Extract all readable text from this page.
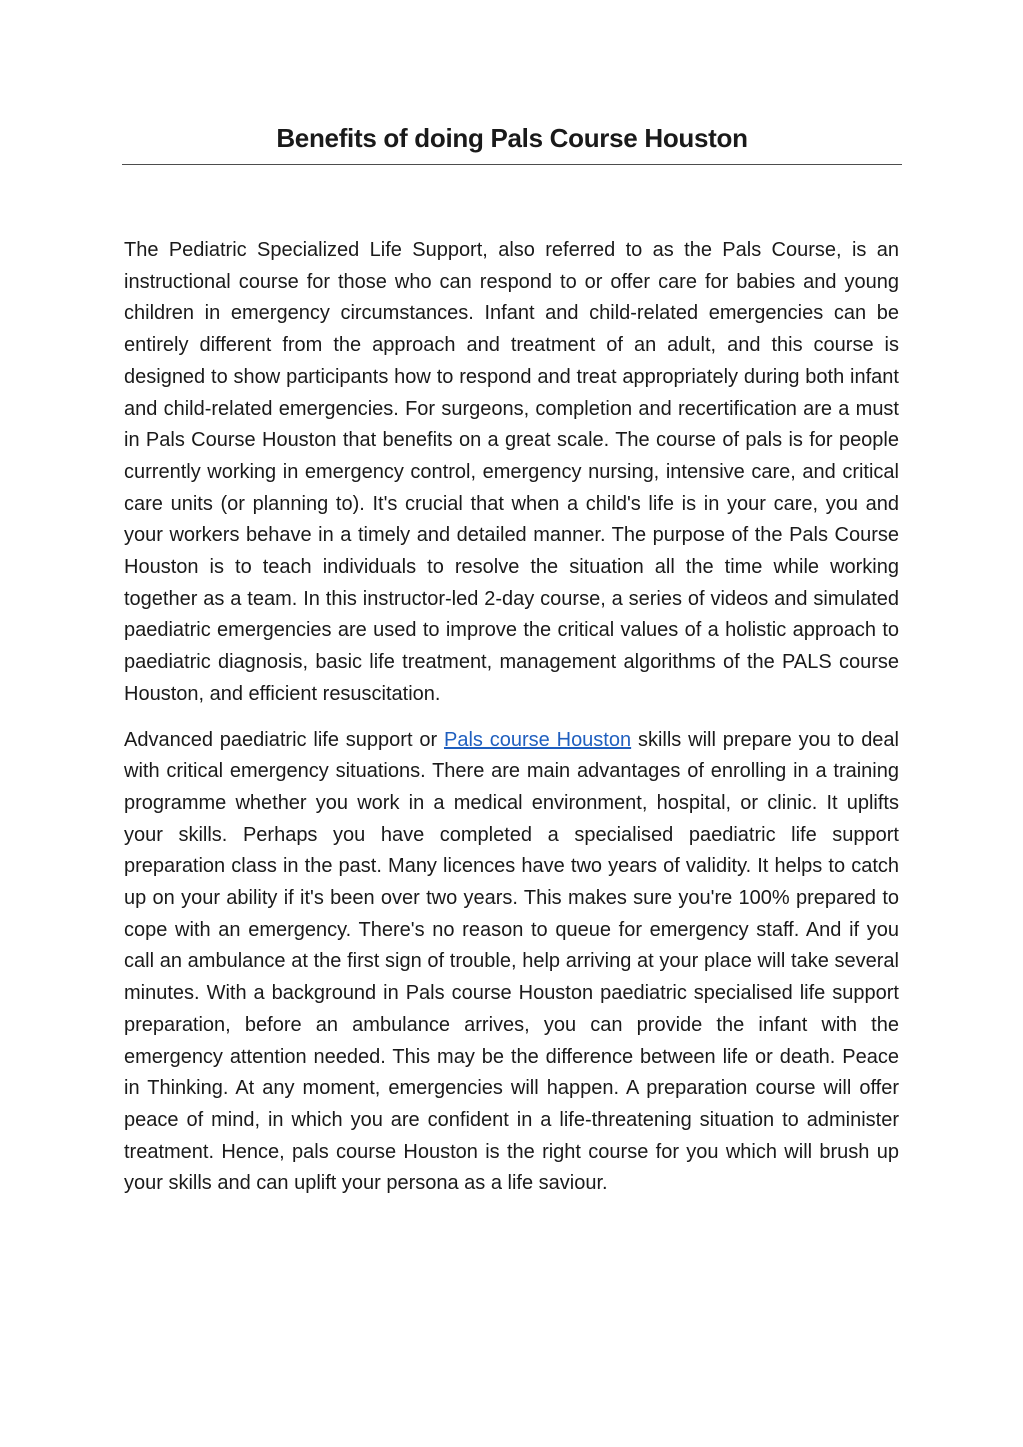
Benefits of doing Pals Course Houston

The Pediatric Specialized Life Support, also referred to as the Pals Course, is an instructional course for those who can respond to or offer care for babies and young children in emergency circumstances. Infant and child-related emergencies can be entirely different from the approach and treatment of an adult, and this course is designed to show participants how to respond and treat appropriately during both infant and child-related emergencies. For surgeons, completion and recertification are a must in Pals Course Houston that benefits on a great scale. The course of pals is for people currently working in emergency control, emergency nursing, intensive care, and critical care units (or planning to). It's crucial that when a child's life is in your care, you and your workers behave in a timely and detailed manner. The purpose of the Pals Course Houston is to teach individuals to resolve the situation all the time while working together as a team. In this instructor-led 2-day course, a series of videos and simulated paediatric emergencies are used to improve the critical values of a holistic approach to paediatric diagnosis, basic life treatment, management algorithms of the PALS course Houston, and efficient resuscitation.

Advanced paediatric life support or Pals course Houston skills will prepare you to deal with critical emergency situations. There are main advantages of enrolling in a training programme whether you work in a medical environment, hospital, or clinic. It uplifts your skills. Perhaps you have completed a specialised paediatric life support preparation class in the past. Many licences have two years of validity. It helps to catch up on your ability if it's been over two years. This makes sure you're 100% prepared to cope with an emergency. There's no reason to queue for emergency staff. And if you call an ambulance at the first sign of trouble, help arriving at your place will take several minutes. With a background in Pals course Houston paediatric specialised life support preparation, before an ambulance arrives, you can provide the infant with the emergency attention needed. This may be the difference between life or death. Peace in Thinking. At any moment, emergencies will happen. A preparation course will offer peace of mind, in which you are confident in a life-threatening situation to administer treatment. Hence, pals course Houston is the right course for you which will brush up your skills and can uplift your persona as a life saviour.
